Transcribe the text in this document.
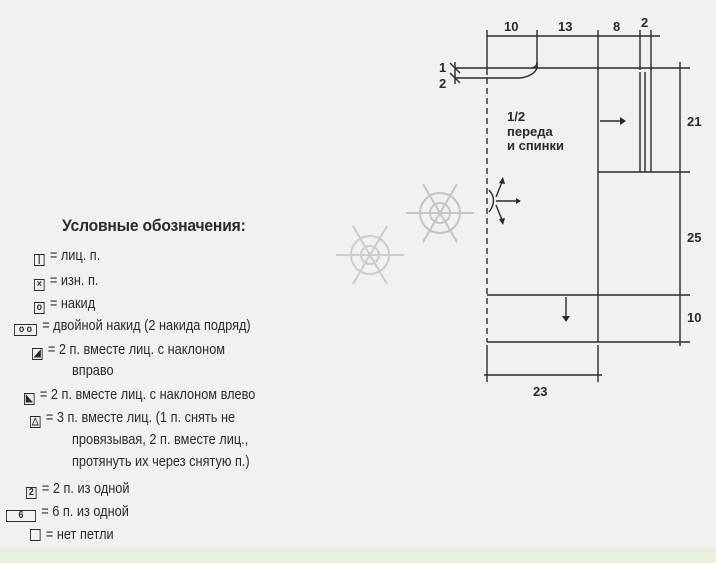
10	13	8 2
1
2
21
25
10
23
1/2
переда
и спинки
Условные обозначения:
| = лиц. п.
× = изн. п.
o = накид
o o = двойной накид (2 накида подряд)
◢ = 2 п. вместе лиц. с наклоном
вправо
◣ = 2 п. вместе лиц. с наклоном влево
△ = 3 п. вместе лиц. (1 п. снять не
провязывая, 2 п. вместе лиц.,
протянуть их через снятую п.)
2 = 2 п. из одной
6 = 6 п. из одной
= нет петли
